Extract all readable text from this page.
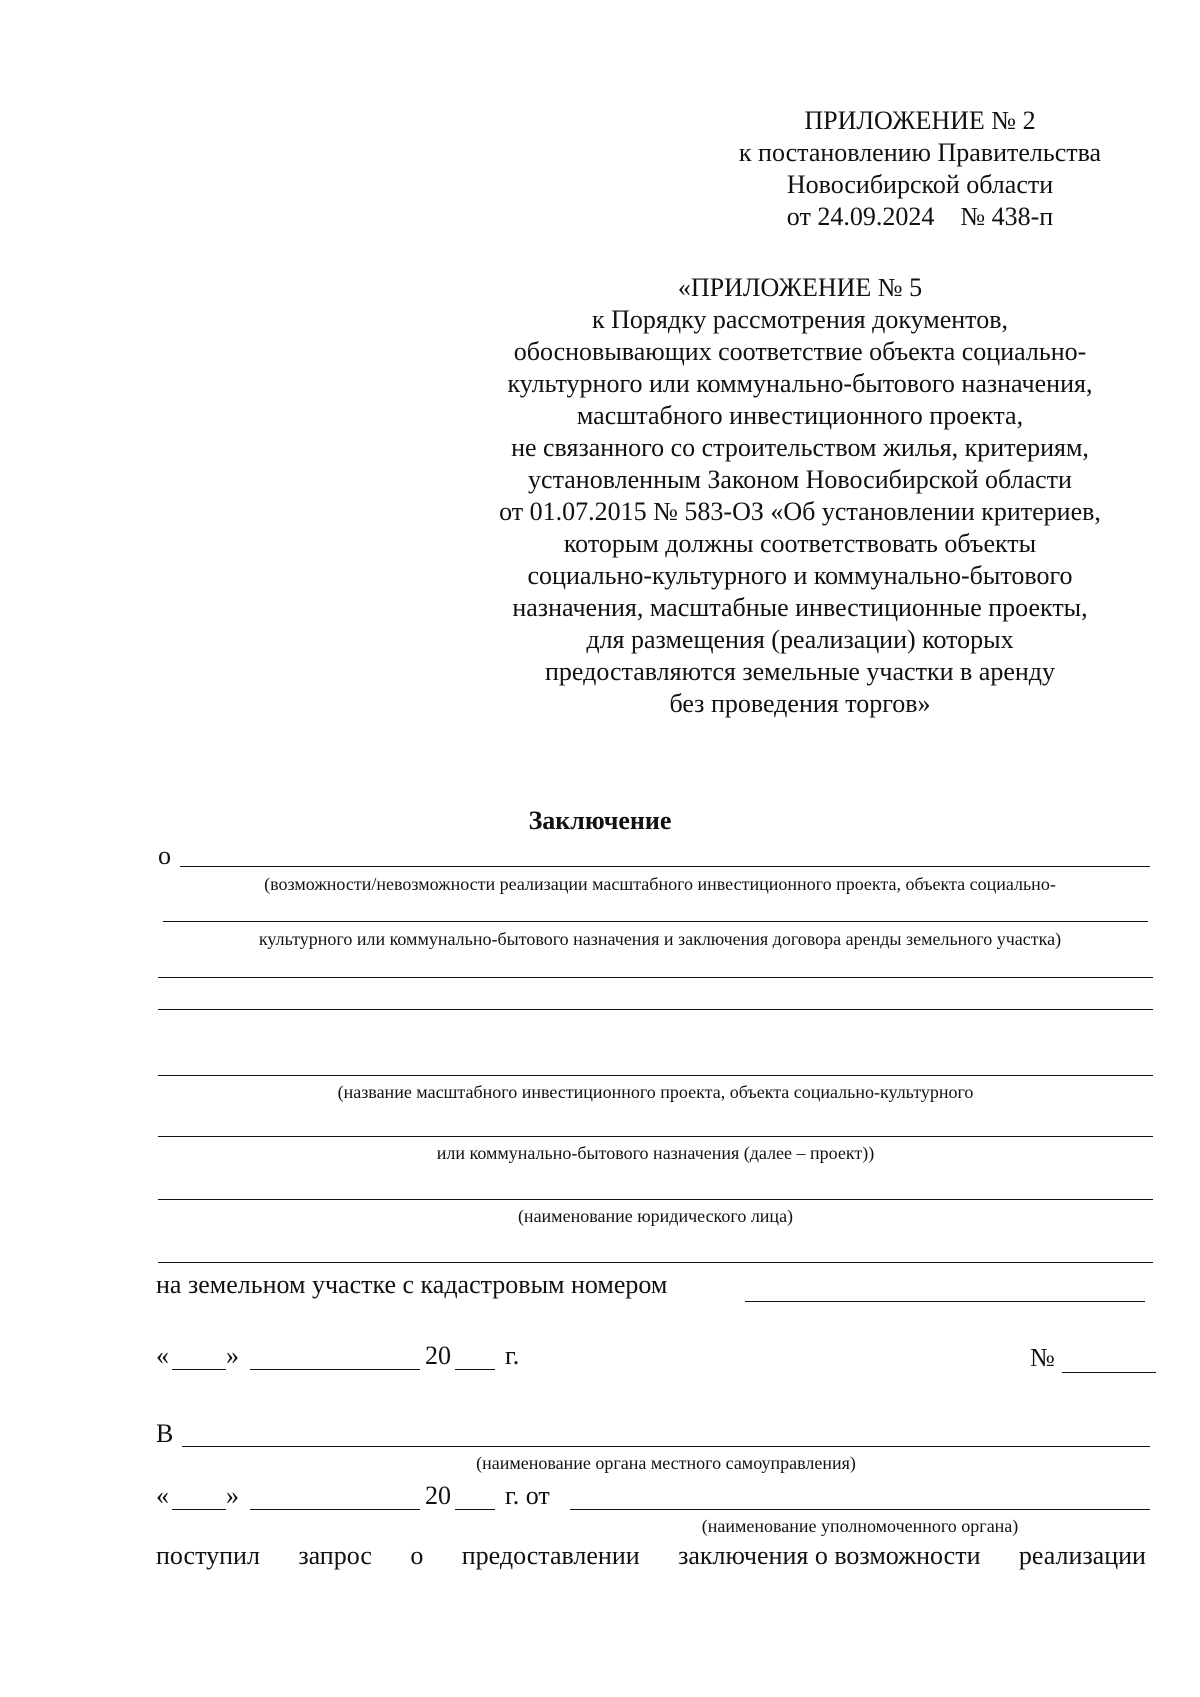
ПРИЛОЖЕНИЕ № 2
к постановлению Правительства
Новосибирской области
от 24.09.2024    № 438-п
«ПРИЛОЖЕНИЕ № 5
к Порядку рассмотрения документов,
обосновывающих соответствие объекта социально-
культурного или коммунально-бытового назначения,
масштабного инвестиционного проекта,
не связанного со строительством жилья, критериям,
установленным Законом Новосибирской области
от 01.07.2015 № 583-ОЗ «Об установлении критериев,
которым должны соответствовать объекты
социально-культурного и коммунально-бытового
назначения, масштабные инвестиционные проекты,
для размещения (реализации) которых
предоставляются земельные участки в аренду
без проведения торгов»
Заключение
о
(возможности/невозможности реализации масштабного инвестиционного проекта, объекта социально-
культурного или коммунально-бытового назначения и заключения договора аренды земельного участка)
(название масштабного инвестиционного проекта, объекта социально-культурного
или коммунально-бытового назначения (далее – проект))
(наименование юридического лица)
на земельном участке с кадастровым номером
« »	20 г.	№
В
(наименование органа местного самоуправления)
« »	20 г. от
(наименование уполномоченного органа)
поступил запрос о предоставлении заключения о возможности реализации
